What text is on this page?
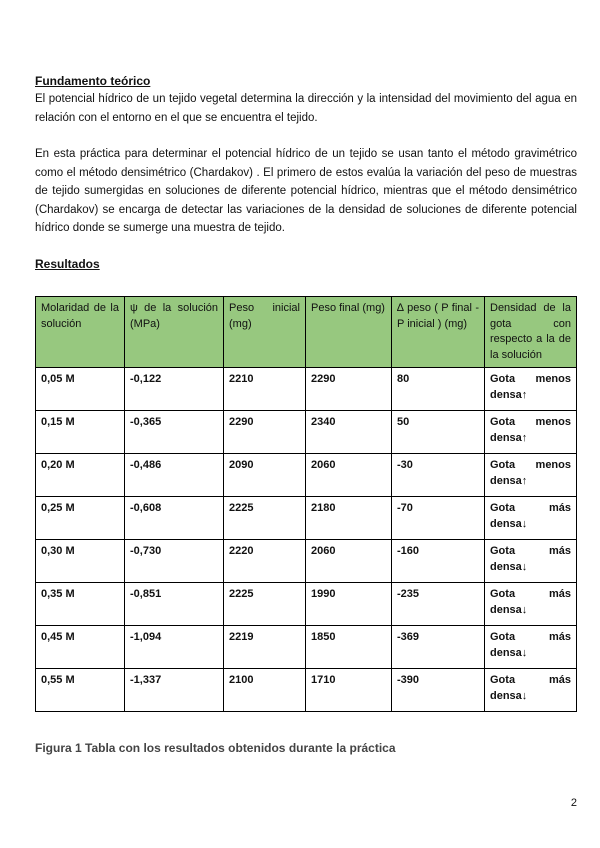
Fundamento teórico

El potencial hídrico de un tejido vegetal determina la dirección y la intensidad del movimiento del agua en relación con el entorno en el que se encuentra el tejido.

En esta práctica para determinar el potencial hídrico de un tejido se usan tanto el método gravimétrico como el método densimétrico (Chardakov) . El primero de estos evalúa la variación del peso de muestras de tejido sumergidas en soluciones de diferente potencial hídrico, mientras que el método densimétrico (Chardakov) se encarga de detectar las variaciones de la densidad de soluciones de diferente potencial hídrico donde se sumerge una muestra de tejido.

Resultados

Molaridad de la solución	ψ de la solución (MPa)	Peso inicial (mg)	Peso final (mg)	∆ peso ( P final -P inicial ) (mg)	Densidad de la gota con respecto a la de la solución
0,05 M	-0,122	2210	2290	80	Gota menos densa↑
0,15 M	-0,365	2290	2340	50	Gota menos densa↑
0,20 M	-0,486	2090	2060	-30	Gota menos densa↑
0,25 M	-0,608	2225	2180	-70	Gota más densa↓
0,30 M	-0,730	2220	2060	-160	Gota más densa↓
0,35 M	-0,851	2225	1990	-235	Gota más densa↓
0,45 M	-1,094	2219	1850	-369	Gota más densa↓
0,55 M	-1,337	2100	1710	-390	Gota más densa↓
Figura 1 Tabla con los resultados obtenidos durante la práctica
2
